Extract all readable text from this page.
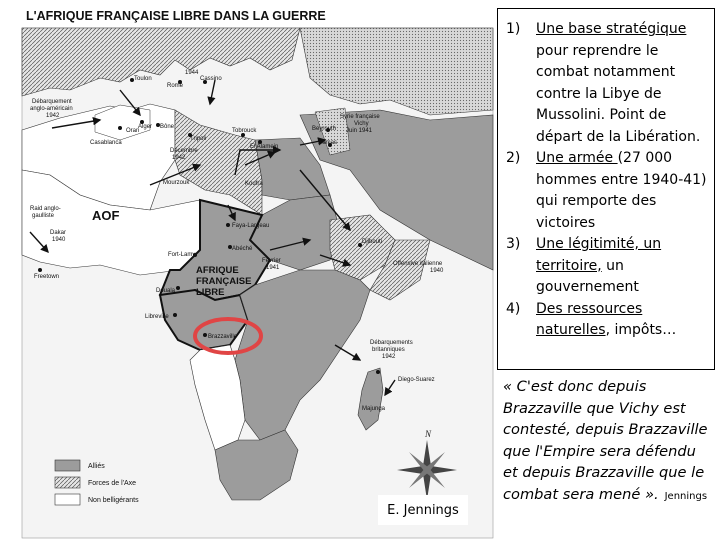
L'AFRIQUE FRANÇAISE LIBRE DANS LA GUERRE
Toulon
Rome
Cassino
1944
Débarquement
anglo-américain
1942
Oran
Alger Bône
Casablanca
Tripoli
Décembre
1942
Tobrouck
El Alamein
Beyrouth
Damas
Syrie française
Vichy
Juin 1941
Mourzouk	Koufra
Raid anglo-
gaulliste
Dakar
1940
AOF
Faya-Largeau
Abéché
Fort-Lamy
Février
1941
AFRIQUE
FRANÇAISE
LIBRE
Djibouti
Offensive italienne
1940
Freetown
Douala
Libreville
Brazzaville
Débarquements
britanniques
1942
Diego-Suarez
Majunga
Alliés
Forces de l'Axe
Non belligérants
N
E. Jennings
1) Une base stratégique pour reprendre le combat notamment contre la Libye de Mussolini. Point de départ de la Libération.
2) Une armée (27 000 hommes entre 1940-41) qui remporte des victoires
3) Une légitimité, un territoire, un gouvernement
4) Des ressources naturelles, impôts…
« C'est donc depuis Brazzaville que Vichy est contesté, depuis Brazzaville que l'Empire sera défendu et depuis Brazzaville que le combat sera mené ». Jennings
